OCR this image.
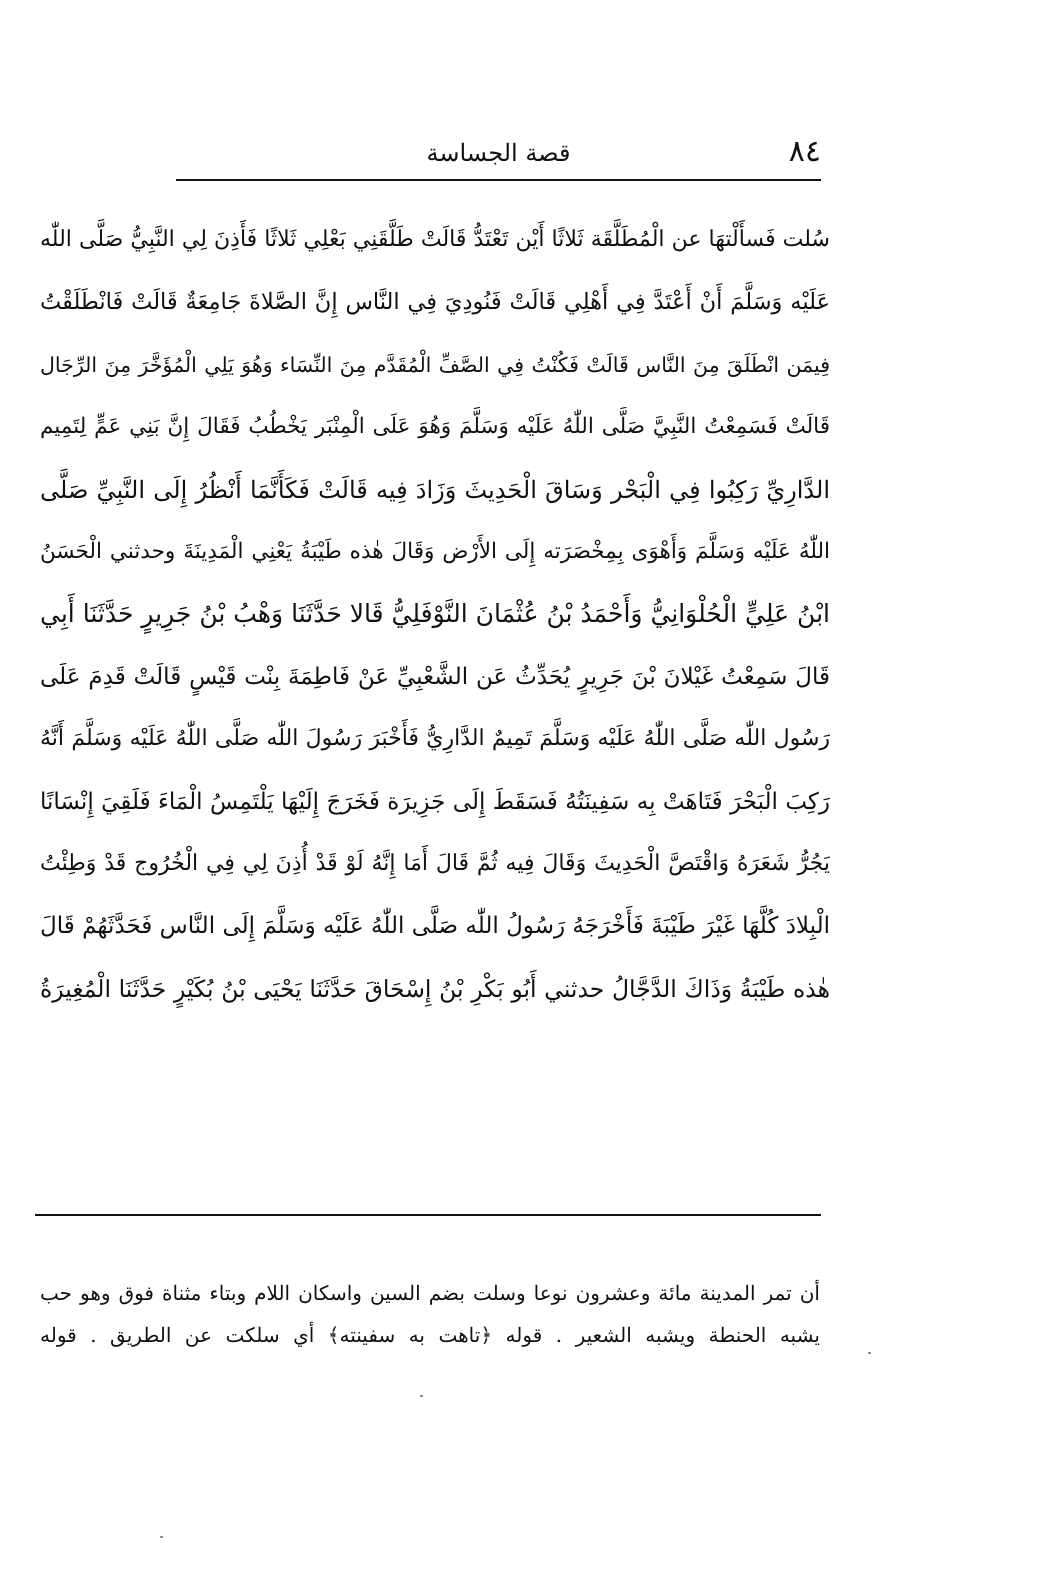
٨٤
قصة الجساسة
سُلت فَسأَلْتهَا عن الْمُطَلَّقَة ثَلاثًا أَيْن تَعْتَدُّ قَالَتْ طَلَّقَنِي بَعْلِي ثَلاثًا فَأَذِنَ لِي النَّبِيُّ صَلَّى اللّٰه
عَلَيْه وَسَلَّمَ أَنْ أَعْتَدَّ فِي أَهْلِي قَالَتْ فَنُودِيَ فِي النَّاس إِنَّ الصَّلاةَ جَامِعَةٌ قَالَتْ فَانْطَلَقْتُ
فِيمَن انْطَلَقَ مِنَ النَّاس قَالَتْ فَكُنْتُ فِي الصَّفِّ الْمُقَدَّم مِنَ النِّسَاء وَهُوَ يَلِي الْمُؤَخَّرَ مِنَ الرِّجَال
قَالَتْ فَسَمِعْتُ النَّبِيَّ صَلَّى اللّٰهُ عَلَيْه وَسَلَّمَ وَهُوَ عَلَى الْمِنْبَر يَخْطُبُ فَقَالَ إِنَّ بَنِي عَمٍّ لِتَمِيم
الدَّارِيِّ رَكِبُوا فِي الْبَحْر وَسَاقَ الْحَدِيثَ وَزَادَ فِيه قَالَتْ فَكَأَنَّمَا أَنْظُرُ إِلَى النَّبِيِّ صَلَّى
اللّٰهُ عَلَيْه وَسَلَّمَ وَأَهْوَى بِمِخْصَرَته إِلَى الأَرْض وَقَالَ هٰذه طَيْبَةُ يَعْنِي الْمَدِينَةَ وحدثني الْحَسَنُ
ابْنُ عَلِيٍّ الْحُلْوَانِيُّ وَأَحْمَدُ بْنُ عُثْمَانَ النَّوْفَلِيُّ قَالا حَدَّثَنَا وَهْبُ بْنُ جَرِيرٍ حَدَّثَنَا أَبِي
قَالَ سَمِعْتُ غَيْلانَ بْنَ جَرِيرٍ يُحَدِّثُ عَن الشَّعْبِيِّ عَنْ فَاطِمَةَ بِنْت قَيْسٍ قَالَتْ قَدِمَ عَلَى
رَسُول اللّٰه صَلَّى اللّٰهُ عَلَيْه وَسَلَّمَ تَمِيمٌ الدَّارِيُّ فَأَخْبَرَ رَسُولَ اللّٰه صَلَّى اللّٰهُ عَلَيْه وَسَلَّمَ أَنَّهُ
رَكِبَ الْبَحْرَ فَتَاهَتْ بِه سَفِينَتُهُ فَسَقَطَ إِلَى جَزِيرَة فَخَرَجَ إِلَيْهَا يَلْتَمِسُ الْمَاءَ فَلَقِيَ إِنْسَانًا
يَجُرُّ شَعَرَهُ وَاقْتَصَّ الْحَدِيثَ وَقَالَ فِيه ثُمَّ قَالَ أَمَا إِنَّهُ لَوْ قَدْ أُذِنَ لِي فِي الْخُرُوج قَدْ وَطِئْتُ
الْبِلادَ كُلَّهَا غَيْرَ طَيْبَةَ فَأَخْرَجَهُ رَسُولُ اللّٰه صَلَّى اللّٰهُ عَلَيْه وَسَلَّمَ إِلَى النَّاس فَحَدَّثَهُمْ قَالَ
هٰذه طَيْبَةُ وَذَاكَ الدَّجَّالُ حدثني أَبُو بَكْرِ بْنُ إِسْحَاقَ حَدَّثَنَا يَحْيَى بْنُ بُكَيْرٍ حَدَّثَنَا الْمُغِيرَةُ
أن تمر المدينة مائة وعشرون نوعا وسلت بضم السين واسكان اللام وبتاء مثناة فوق وهو حب
يشبه الحنطة ويشبه الشعير . قوله ﴿تاهت به سفينته﴾ أي سلكت عن الطريق . قوله
